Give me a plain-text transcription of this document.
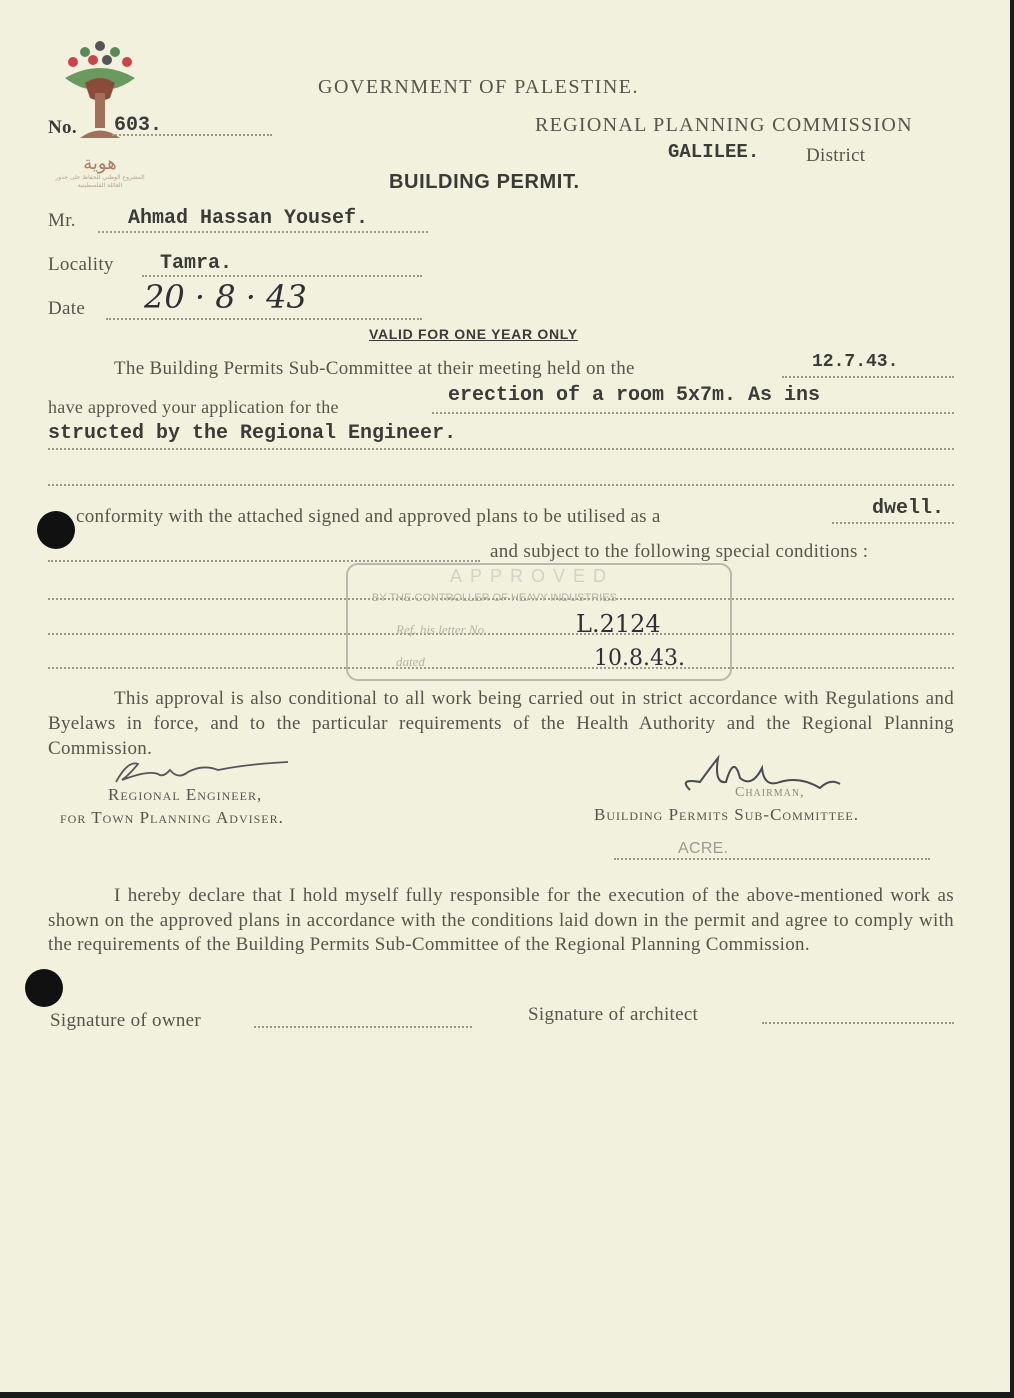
هوية
المشروع الوطني للحفاظ على جذور العائلة الفلسطينية
GOVERNMENT OF PALESTINE.
No. 603.	REGIONAL PLANNING COMMISSION
GALILEE. District
BUILDING PERMIT.
Mr.	Ahmad Hassan Yousef.
Locality Tamra.
Date 20 · 8 · 43
VALID FOR ONE YEAR ONLY
The Building Permits Sub-Committee at their meeting held on the	12.7.43.
have approved your application for the	erection of a room 5x7m. As ins
structed by the Regional Engineer.
conformity with the attached signed and approved plans to be utilised as a	dwell.
and subject to the following special conditions :
APPROVED
BY THE CONTROLLER OF HEAVY INDUSTRIES
Ref. his letter No.	L.2124
dated	10.8.43.
This approval is also conditional to all work being carried out in strict accordance with Regulations and Byelaws in force, and to the particular requirements of the Health Authority and the Regional Planning Commission.
Regional Engineer,
for Town Planning Adviser.
Chairman,
Building Permits Sub-Committee.
ACRE.
I hereby declare that I hold myself fully responsible for the execution of the above-mentioned work as shown on the approved plans in accordance with the conditions laid down in the permit and agree to comply with the requirements of the Building Permits Sub-Committee of the Regional Planning Commission.
Signature of owner	Signature of architect
